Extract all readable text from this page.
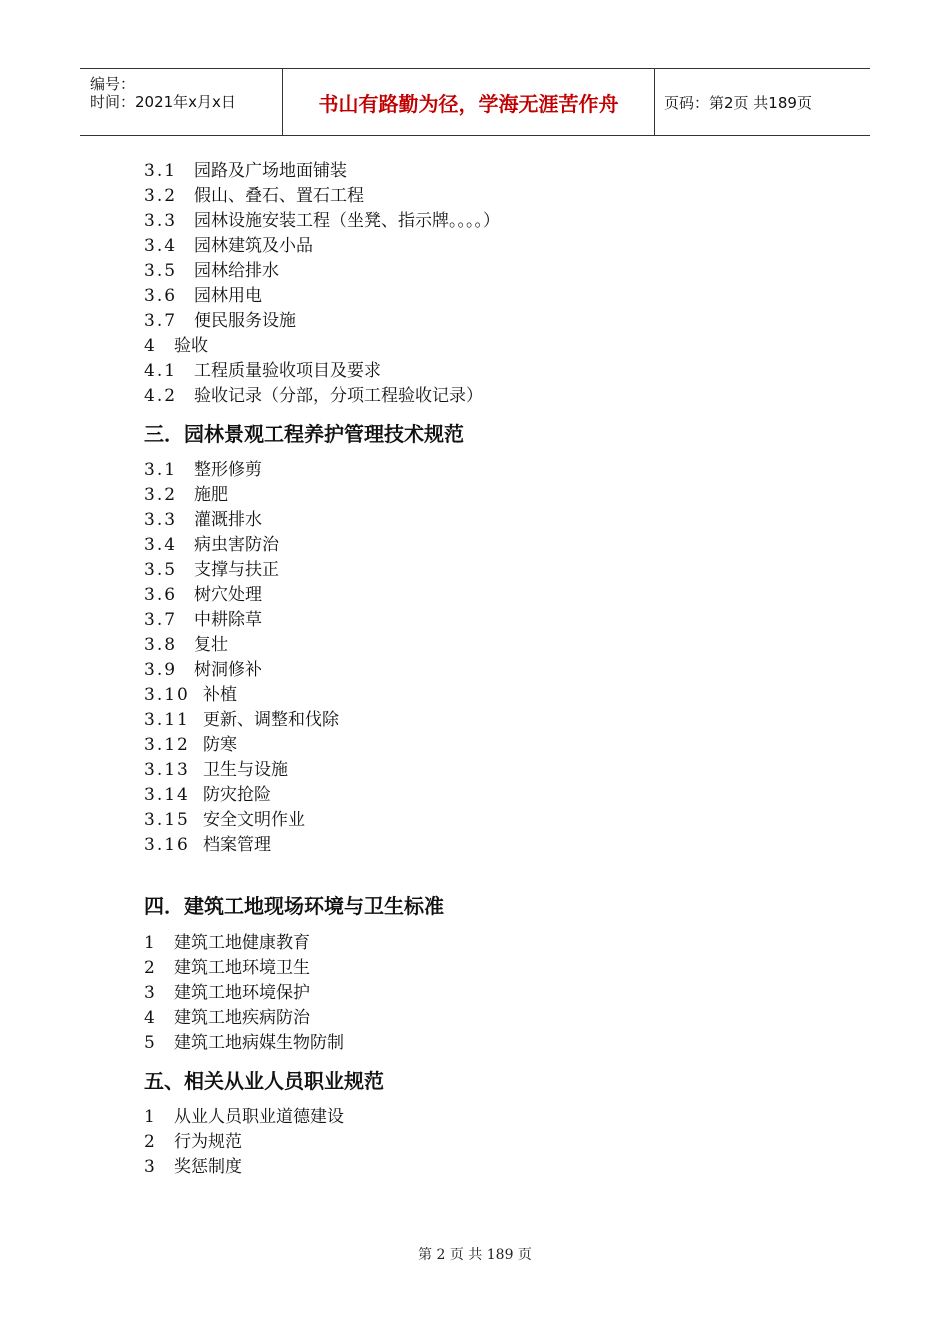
编号：
时间：2021年x月x日	书山有路勤为径，学海无涯苦作舟	页码：第2页 共189页
3.1 园路及广场地面铺装
3.2 假山、叠石、置石工程
3.3 园林设施安装工程（坐凳、指示牌。。。。）
3.4 园林建筑及小品
3.5 园林给排水
3.6 园林用电
3.7 便民服务设施
4 验收
4.1 工程质量验收项目及要求
4.2 验收记录（分部，分项工程验收记录）
三．园林景观工程养护管理技术规范
3.1 整形修剪
3.2 施肥
3.3 灌溉排水
3.4 病虫害防治
3.5 支撑与扶正
3.6 树穴处理
3.7 中耕除草
3.8 复壮
3.9 树洞修补
3.10 补植
3.11 更新、调整和伐除
3.12 防寒
3.13 卫生与设施
3.14 防灾抢险
3.15 安全文明作业
3.16 档案管理
四．建筑工地现场环境与卫生标准
1 建筑工地健康教育
2 建筑工地环境卫生
3 建筑工地环境保护
4 建筑工地疾病防治
5 建筑工地病媒生物防制
五、相关从业人员职业规范
1 从业人员职业道德建设
2 行为规范
3 奖惩制度
第 2 页 共 189 页
